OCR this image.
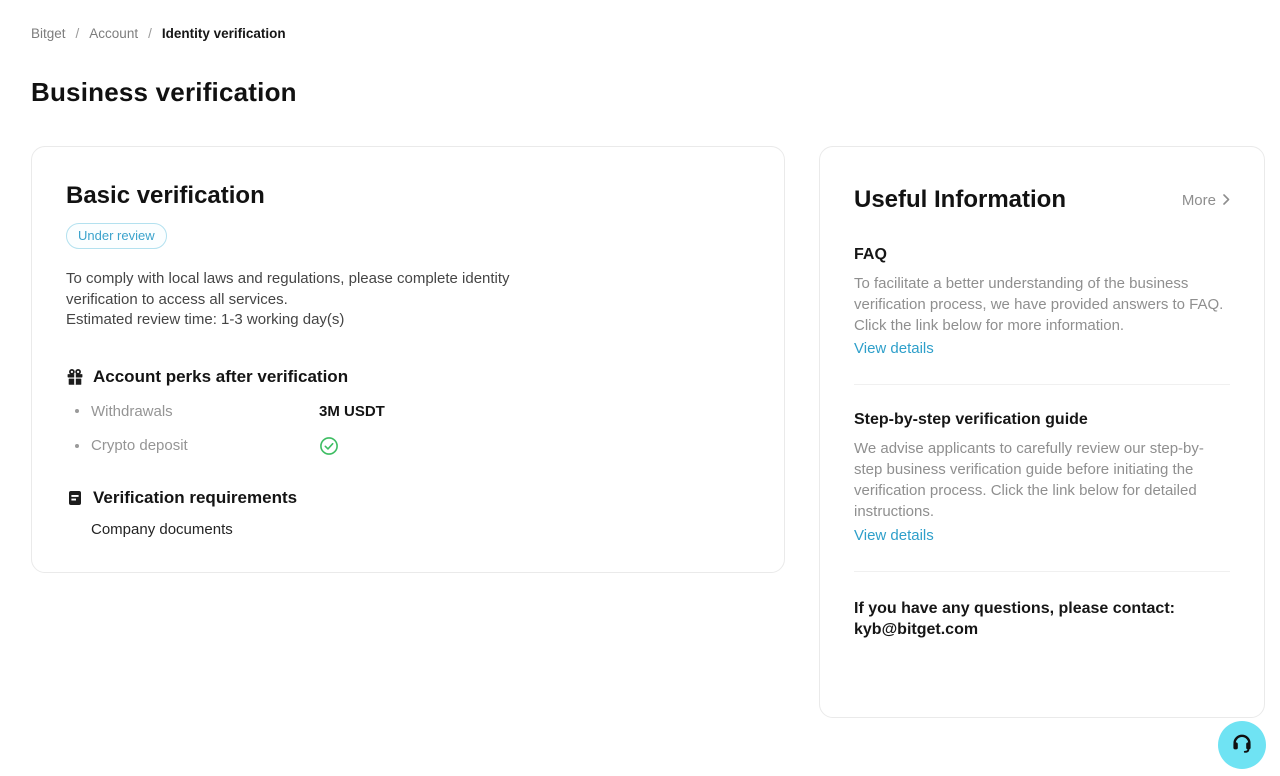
Bitget / Account / Identity verification
Business verification
Basic verification
Under review
To comply with local laws and regulations, please complete identity verification to access all services.
Estimated review time: 1-3 working day(s)
Account perks after verification
Withdrawals	3M USDT
Crypto deposit
Verification requirements
Company documents
Useful Information	More
FAQ
To facilitate a better understanding of the business verification process, we have provided answers to FAQ. Click the link below for more information.
View details
Step-by-step verification guide
We advise applicants to carefully review our step-by-step business verification guide before initiating the verification process. Click the link below for detailed instructions.
View details
If you have any questions, please contact:
kyb@bitget.com
